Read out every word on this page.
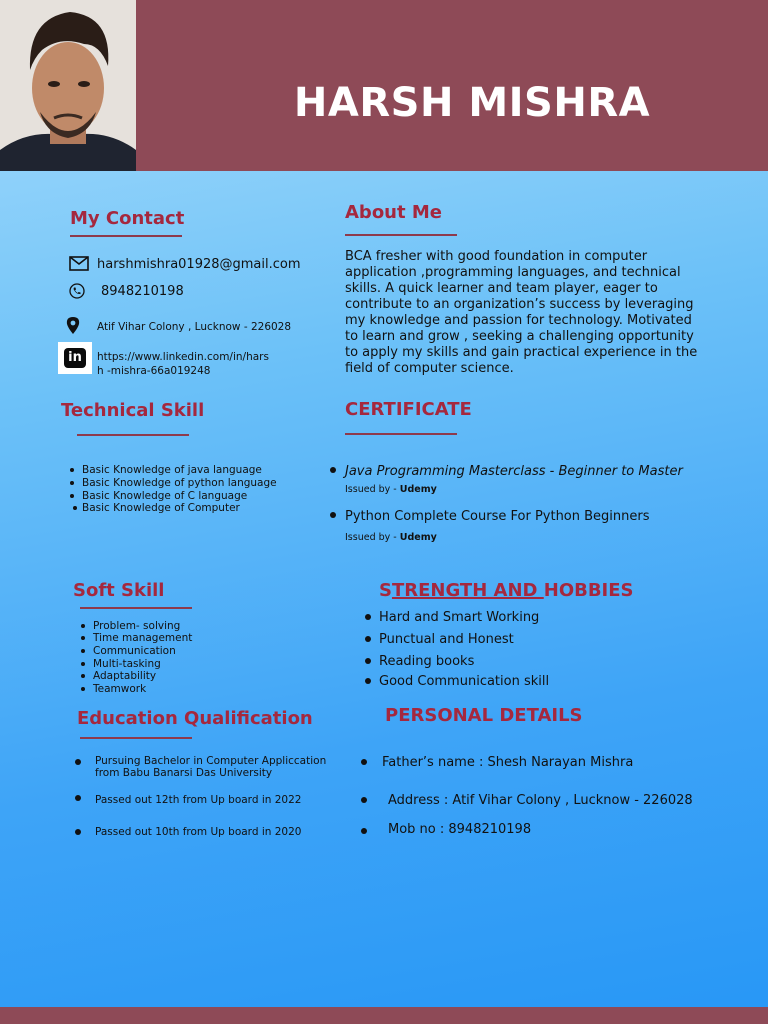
HARSH MISHRA
My Contact
harshmishra01928@gmail.com
8948210198
Atif Vihar Colony , Lucknow - 226028
in	https://www.linkedin.com/in/hars
h -mishra-66a019248
About Me
BCA fresher with good foundation in computer application ,programming languages, and technical skills. A quick learner and team player, eager to contribute to an organization’s success by leveraging my knowledge and passion for technology. Motivated to learn and grow , seeking a challenging opportunity to apply my skills and gain practical experience in the field of computer science.
Technical Skill
Basic Knowledge of java language
Basic Knowledge of python language
Basic Knowledge of C language
Basic Knowledge of Computer
CERTIFICATE
Java Programming Masterclass - Beginner to Master
Issued by - Udemy
Python Complete Course For Python Beginners
Issued by - Udemy
Soft Skill
Problem- solving
Time management
Communication
Multi-tasking
Adaptability
Teamwork
STRENGTH AND HOBBIES
Hard and Smart Working
Punctual and Honest
Reading books
Good Communication skill
Education Qualification
Pursuing Bachelor in Computer Appliccation
from Babu Banarsi Das University
Passed out 12th from Up board in 2022
Passed out 10th from Up board in 2020
PERSONAL DETAILS
Father’s name : Shesh Narayan Mishra
Address : Atif Vihar Colony , Lucknow - 226028
Mob no : 8948210198
